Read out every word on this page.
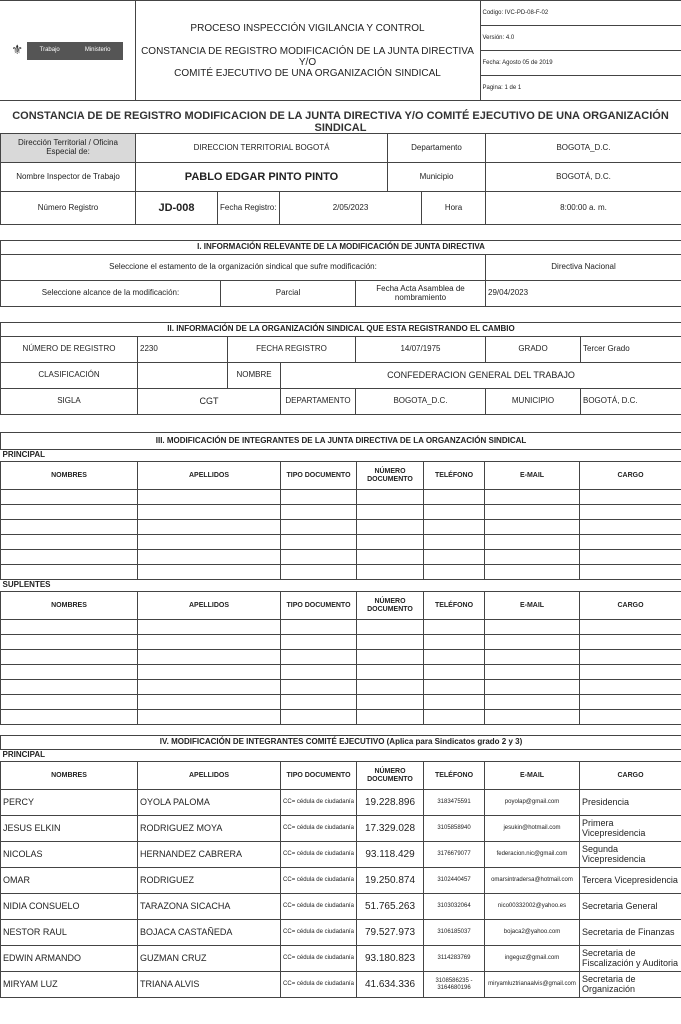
⚜	Trabajo	Ministerio

PROCESO INSPECCIÓN VIGILANCIA Y CONTROL
CONSTANCIA DE REGISTRO MODIFICACIÓN DE LA JUNTA DIRECTIVA Y/O
COMITÉ EJECUTIVO DE UNA ORGANIZACIÓN SINDICAL
	Codigo: IVC-PD-08-F-02
Versión: 4.0
Fecha: Agosto 05 de 2019
Pagina: 1 de 1
CONSTANCIA DE DE REGISTRO MODIFICACION DE LA JUNTA DIRECTIVA Y/O COMITÉ EJECUTIVO DE UNA ORGANIZACIÓN SINDICAL
Dirección Territorial / Oficina Especial de:	DIRECCION TERRITORIAL BOGOTÁ	Departamento	BOGOTA_D.C.
Nombre Inspector de Trabajo	PABLO EDGAR PINTO PINTO	Municipio	BOGOTÁ, D.C.
Número Registro	JD-008	Fecha Registro:	2/05/2023	Hora	8:00:00 a. m.
I. INFORMACIÓN RELEVANTE DE LA MODIFICACIÓN DE JUNTA DIRECTIVA			
Seleccione el estamento de la organización sindical que sufre modificación:			Directiva Nacional
Seleccione alcance de la modificación:	Parcial	Fecha Acta Asamblea de nombramiento	29/04/2023
II. INFORMACIÓN DE LA ORGANIZACIÓN SINDICAL QUE ESTA REGISTRANDO EL CAMBIO						
NÚMERO DE REGISTRO	2230	FECHA REGISTRO		14/07/1975	GRADO	Tercer Grado
CLASIFICACIÓN		NOMBRE	CONFEDERACION GENERAL DEL TRABAJO			
SIGLA	CGT		DEPARTAMENTO	BOGOTA_D.C.	MUNICIPIO	BOGOTÁ, D.C.
III. MODIFICACIÓN DE INTEGRANTES DE LA JUNTA DIRECTIVA DE LA ORGANZACIÓN SINDICAL						
PRINCIPAL						
NOMBRES	APELLIDOS	TIPO DOCUMENTO	NÚMERO DOCUMENTO	TELÉFONO	E-MAIL	CARGO

SUPLENTES						
NOMBRES	APELLIDOS	TIPO DOCUMENTO	NÚMERO DOCUMENTO	TELÉFONO	E-MAIL	CARGO

IV. MODIFICACIÓN DE INTEGRANTES COMITÉ EJECUTIVO (Aplica para Sindicatos grado 2 y 3)						
PRINCIPAL						
NOMBRES	APELLIDOS	TIPO DOCUMENTO	NÚMERO DOCUMENTO	TELÉFONO	E-MAIL	CARGO
PERCY	OYOLA PALOMA	CC= cédula de ciudadanía	19.228.896	3183475591	poyolap@gmail.com	Presidencia
JESUS ELKIN	RODRIGUEZ MOYA	CC= cédula de ciudadanía	17.329.028	3105858940	jesukin@hotmail.com	Primera Vicepresidencia
NICOLAS	HERNANDEZ CABRERA	CC= cédula de ciudadanía	93.118.429	3176679077	federacion.nic@gmail.com	Segunda Vicepresidencia
OMAR	RODRIGUEZ	CC= cédula de ciudadanía	19.250.874	3102440457	omarsintradersa@hotmail.com	Tercera Vicepresidencia
NIDIA CONSUELO	TARAZONA SICACHA	CC= cédula de ciudadanía	51.765.263	3103032064	nico00332002@yahoo.es	Secretaria General
NESTOR RAUL	BOJACA CASTAÑEDA	CC= cédula de ciudadanía	79.527.973	3106185037	bojaca2@yahoo.com	Secretaria de Finanzas
EDWIN ARMANDO	GUZMAN CRUZ	CC= cédula de ciudadanía	93.180.823	3114283769	ingeguz@gmail.com	Secretaria de Fiscalización y Auditoria
MIRYAM LUZ	TRIANA ALVIS	CC= cédula de ciudadanía	41.634.336	3108586235 - 3164680196	miryamluztrianaalvis@gmail.com	Secretaria de Organización
